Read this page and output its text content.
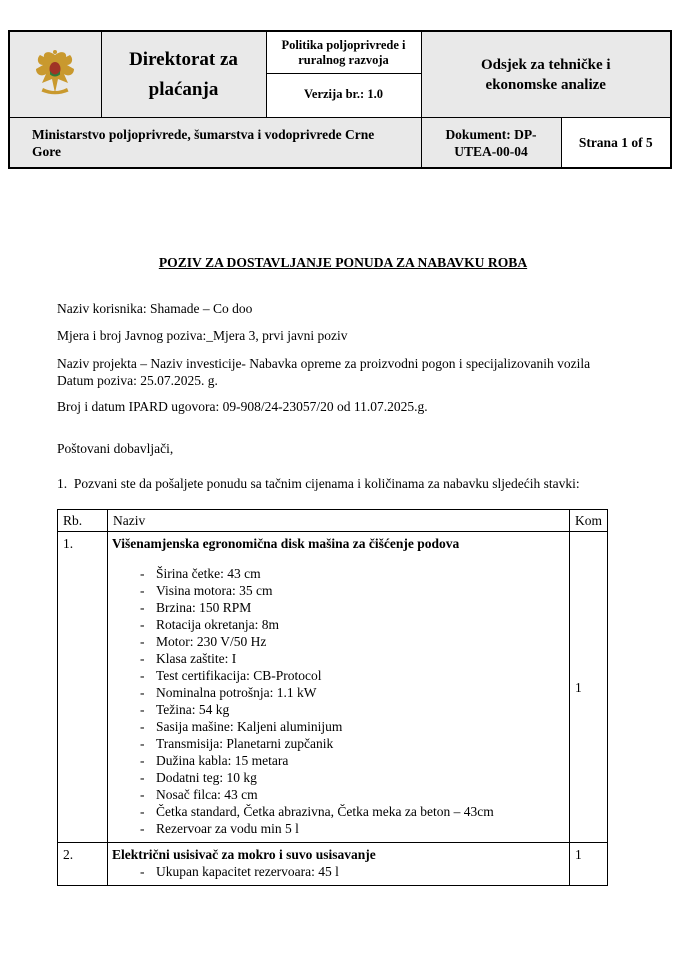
	Direktorat za plaćanja	Politika poljoprivrede i ruralnog razvoja
Verzija br.: 1.0	Odsjek za tehničke i ekonomske analize	
Ministarstvo poljoprivrede, šumarstva i vodoprivrede Crne Gore			Dokument: DP-UTEA-00-04	Strana 1 of 5
POZIV ZA DOSTAVLJANJE PONUDA ZA NABAVKU ROBA

Naziv korisnika: Shamade – Co doo

Mjera i broj Javnog poziva:_Mjera 3, prvi javni poziv

Naziv projekta – Naziv investicije- Nabavka opreme za proizvodni pogon i specijalizovanih vozila

Datum poziva: 25.07.2025. g.

Broj i datum IPARD ugovora: 09-908/24-23057/20 od 11.07.2025.g.

Poštovani dobavljači,

1.  Pozvani ste da pošaljete ponudu sa tačnim cijenama i količinama za nabavku sljedećih stavki:

Rb.	Naziv	Kom
1.	Višenamjenska egronomična disk mašina za čišćenje podova
- Širina četke: 43 cm
- Visina motora: 35 cm
- Brzina: 150 RPM
- Rotacija okretanja: 8m
- Motor: 230 V/50 Hz
- Klasa zaštite: I
- Test certifikacija: CB-Protocol
- Nominalna potrošnja: 1.1 kW
- Težina: 54 kg
- Sasija mašine: Kaljeni aluminijum
- Transmisija: Planetarni zupčanik
- Dužina kabla: 15 metara
- Dodatni teg: 10 kg
- Nosač filca: 43 cm
- Četka standard, Četka abrazivna, Četka meka za beton – 43cm
- Rezervoar za vodu min 5 l
	1
2.	Električni usisivač za mokro i suvo usisavanje
- Ukupan kapacitet rezervoara: 45 l	1
